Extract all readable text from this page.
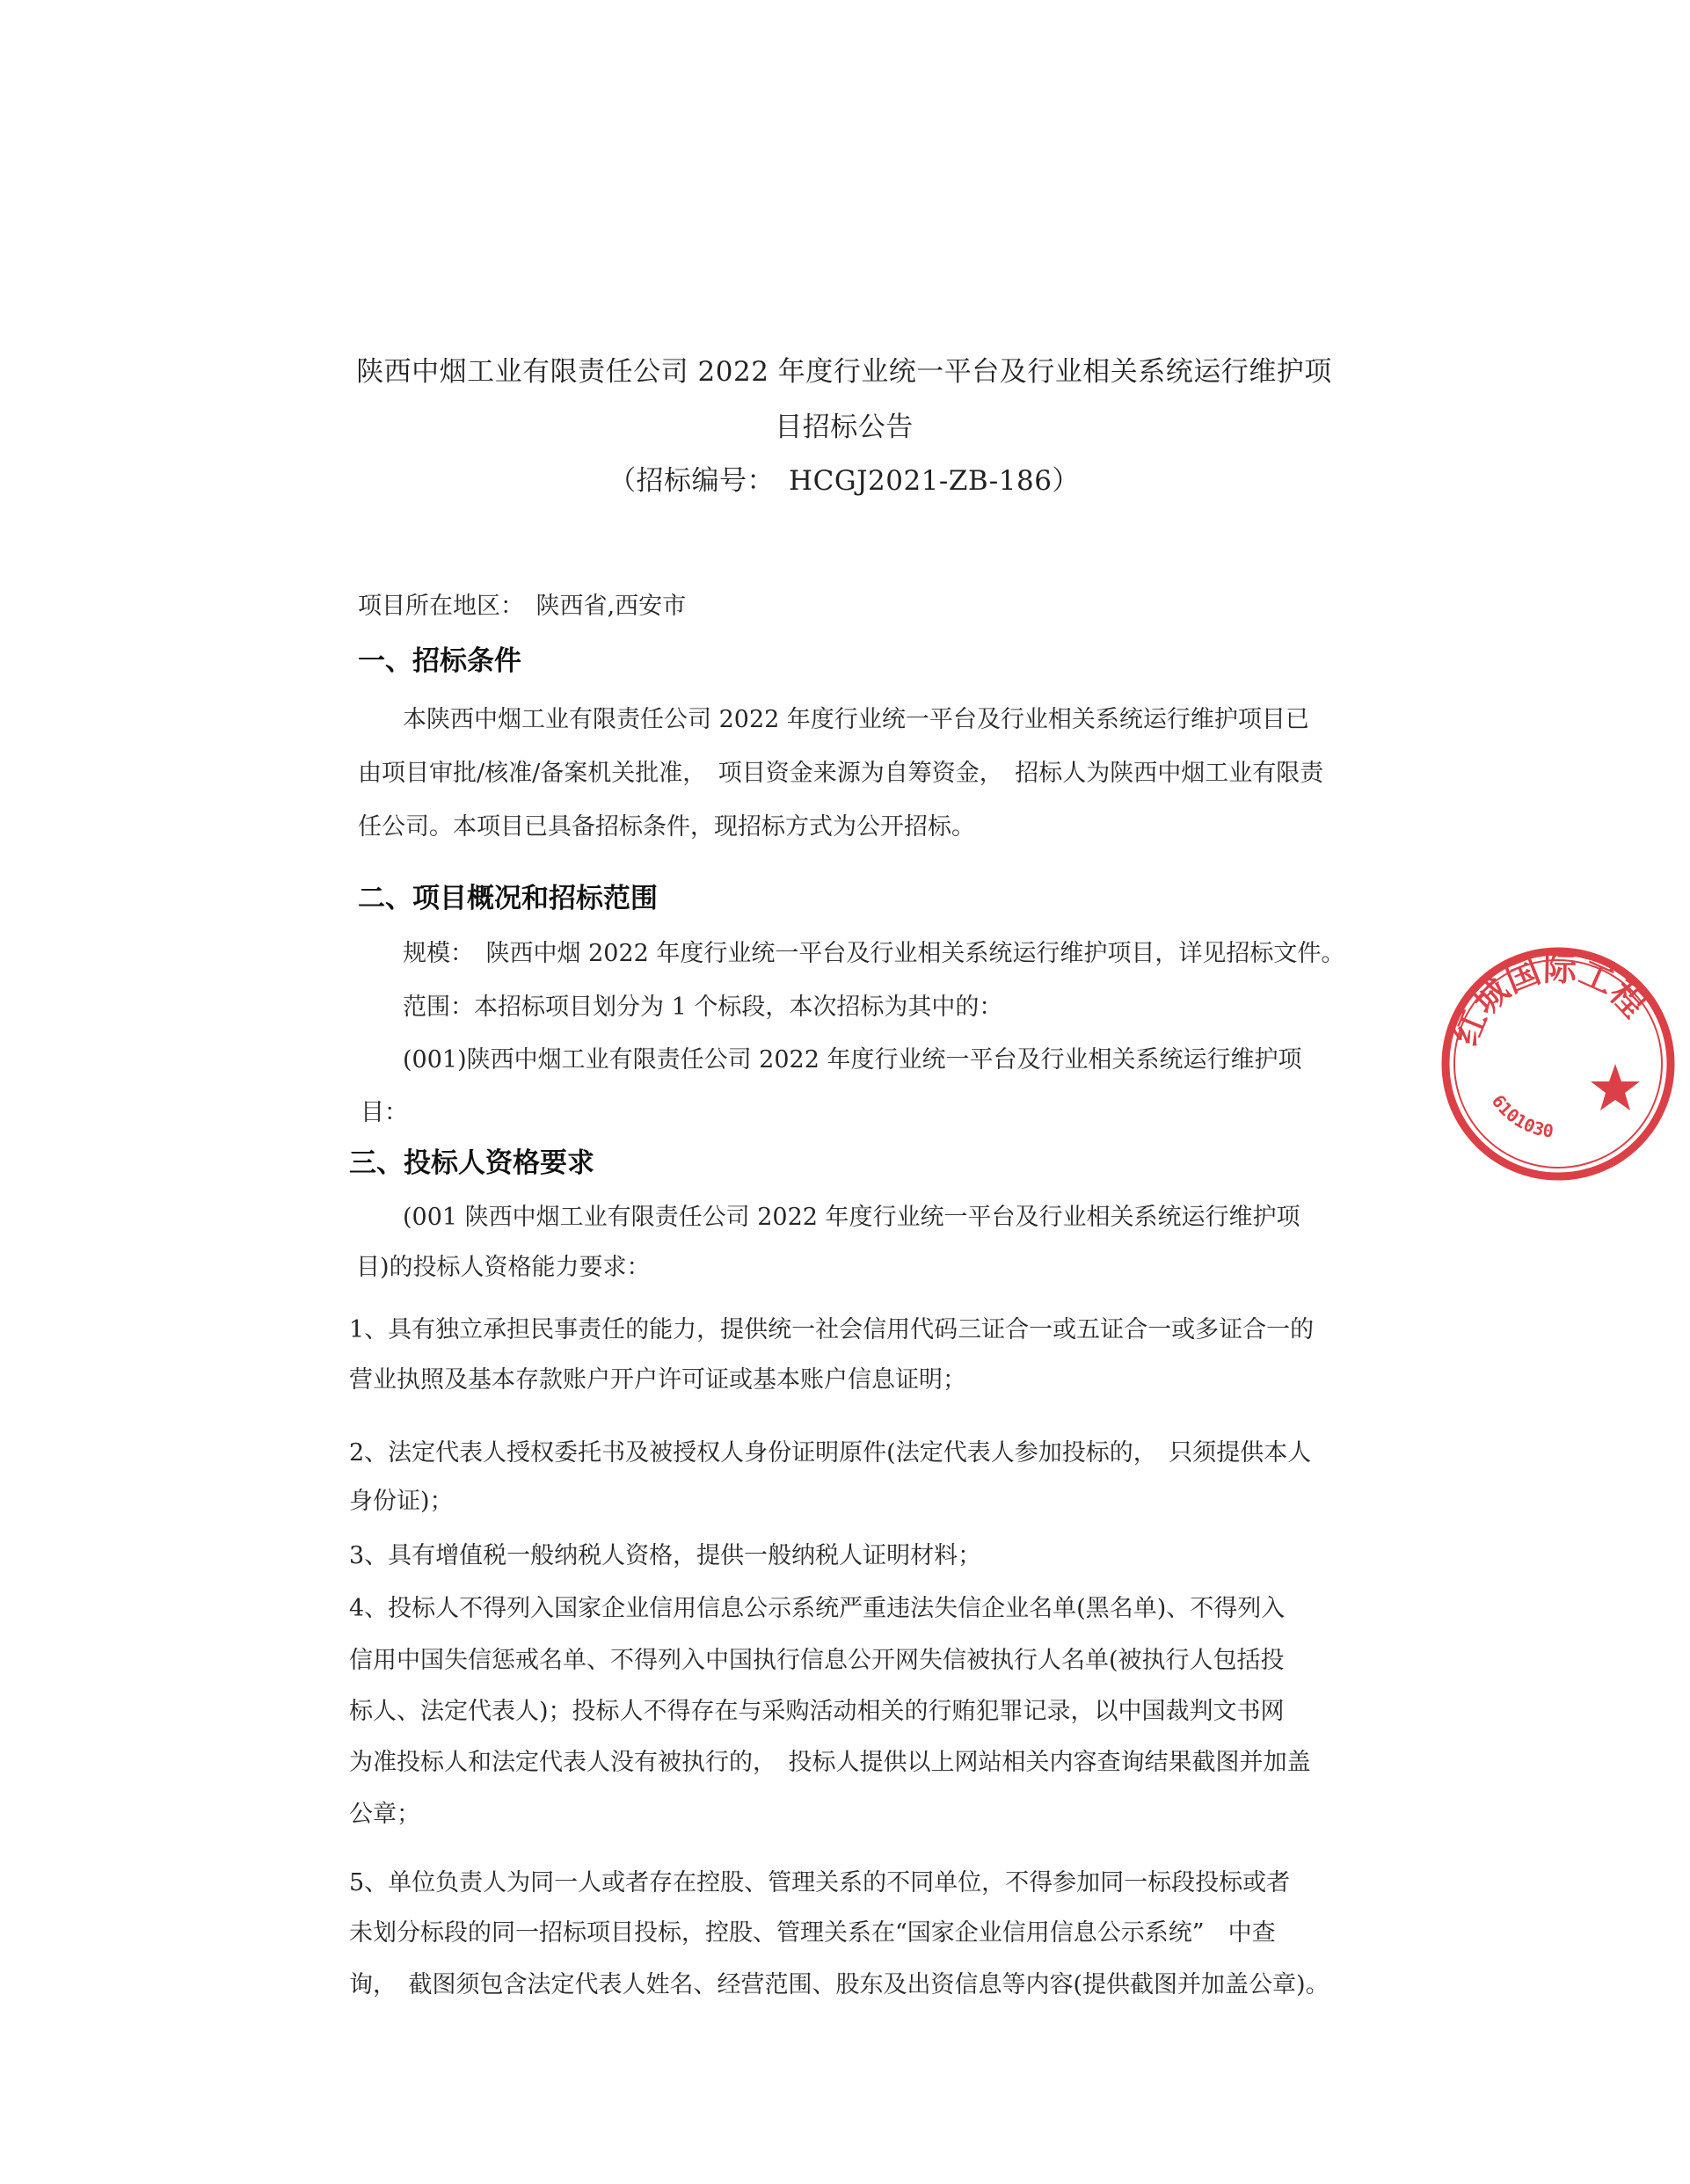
陕西中烟工业有限责任公司 2022 年度行业统一平台及行业相关系统运行维护项
目招标公告
（招标编号：　HCGJ2021-ZB-186）
项目所在地区：　陕西省,西安市
一、招标条件
本陕西中烟工业有限责任公司 2022 年度行业统一平台及行业相关系统运行维护项目已
由项目审批/核准/备案机关批准，　项目资金来源为自筹资金，　招标人为陕西中烟工业有限责
任公司。本项目已具备招标条件，现招标方式为公开招标。
二、项目概况和招标范围
规模：　陕西中烟 2022 年度行业统一平台及行业相关系统运行维护项目，详见招标文件。
范围：本招标项目划分为 1 个标段，本次招标为其中的：
(001)陕西中烟工业有限责任公司 2022 年度行业统一平台及行业相关系统运行维护项
目：
三、投标人资格要求
(001 陕西中烟工业有限责任公司 2022 年度行业统一平台及行业相关系统运行维护项
目)的投标人资格能力要求：
1、具有独立承担民事责任的能力，提供统一社会信用代码三证合一或五证合一或多证合一的
营业执照及基本存款账户开户许可证或基本账户信息证明；
2、法定代表人授权委托书及被授权人身份证明原件(法定代表人参加投标的，　只须提供本人
身份证)；
3、具有增值税一般纳税人资格，提供一般纳税人证明材料；
4、投标人不得列入国家企业信用信息公示系统严重违法失信企业名单(黑名单)、不得列入
信用中国失信惩戒名单、不得列入中国执行信息公开网失信被执行人名单(被执行人包括投
标人、法定代表人)；投标人不得存在与采购活动相关的行贿犯罪记录，以中国裁判文书网
为准投标人和法定代表人没有被执行的，　投标人提供以上网站相关内容查询结果截图并加盖
公章；
5、单位负责人为同一人或者存在控股、管理关系的不同单位，不得参加同一标段投标或者
未划分标段的同一招标项目投标，控股、管理关系在“国家企业信用信息公示系统”　中查
询，　截图须包含法定代表人姓名、经营范围、股东及出资信息等内容(提供截图并加盖公章)。
红城国际工程
6101030
